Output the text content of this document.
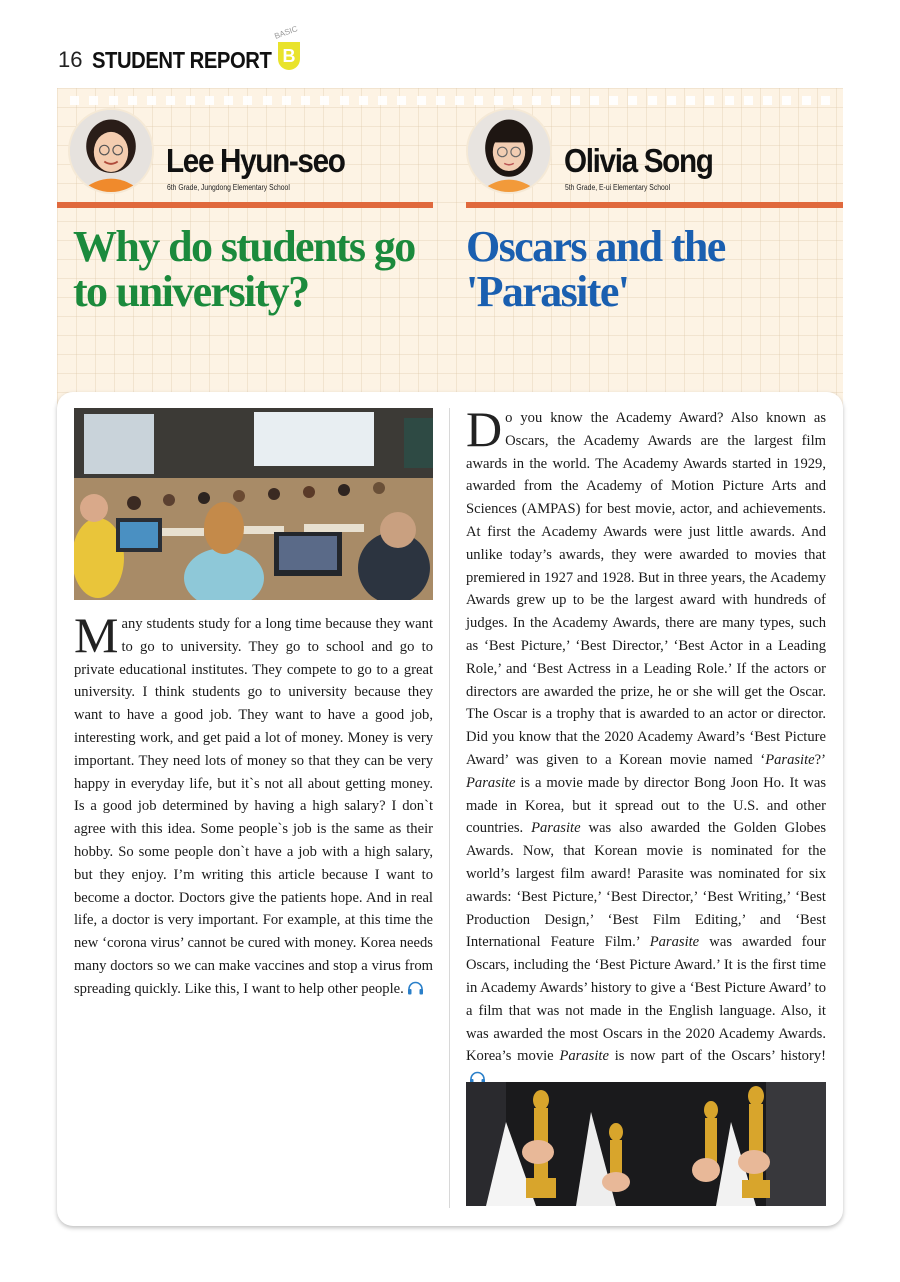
16 STUDENT REPORT
BASIC
B
Lee Hyun-seo
6th Grade, Jungdong Elementary School
Olivia Song
5th Grade, E-ui Elementary School
Why do students go to university?
Oscars and the 'Parasite'
Many students study for a long time because they want to go to university. They go to school and go to private educational institutes. They compete to go to a great university. I think students go to university because they want to have a good job. They want to have a good job, interesting work, and get paid a lot of money. Money is very important. They need lots of money so that they can be very happy in everyday life, but it`s not all about getting money. Is a good job determined by having a high salary? I don`t agree with this idea. Some people`s job is the same as their hobby. So some people don`t have a job with a high salary, but they enjoy. I’m writing this article because I want to become a doctor. Doctors give the patients hope. And in real life, a doctor is very important. For example, at this time the new ‘corona virus’ cannot be cured with money. Korea needs many doctors so we can make vaccines and stop a virus from spreading quickly. Like this, I want to help other people.
Do you know the Academy Award? Also known as Oscars, the Academy Awards are the largest film awards in the world. The Academy Awards started in 1929, awarded from the Academy of Motion Picture Arts and Sciences (AMPAS) for best movie, actor, and achievements. At first the Academy Awards were just little awards. And unlike today’s awards, they were awarded to movies that premiered in 1927 and 1928. But in three years, the Academy Awards grew up to be the largest award with hundreds of judges. In the Academy Awards, there are many types, such as ‘Best Picture,’ ‘Best Director,’ ‘Best Actor in a Leading Role,’ and ‘Best Actress in a Leading Role.’ If the actors or directors are awarded the prize, he or she will get the Oscar. The Oscar is a trophy that is awarded to an actor or director. Did you know that the 2020 Academy Award’s ‘Best Picture Award’ was given to a Korean movie named ‘Parasite?’ Parasite is a movie made by director Bong Joon Ho. It was made in Korea, but it spread out to the U.S. and other countries. Parasite was also awarded the Golden Globes Awards. Now, that Korean movie is nominated for the world’s largest film award! Parasite was nominated for six awards: ‘Best Picture,’ ‘Best Director,’ ‘Best Writing,’ ‘Best Production Design,’ ‘Best Film Editing,’ and ‘Best International Feature Film.’ Parasite was awarded four Oscars, including the ‘Best Picture Award.’ It is the first time in Academy Awards’ history to give a ‘Best Picture Award’ to a film that was not made in the English language. Also, it was awarded the most Oscars in the 2020 Academy Awards. Korea’s movie Parasite is now part of the Oscars’ history!
